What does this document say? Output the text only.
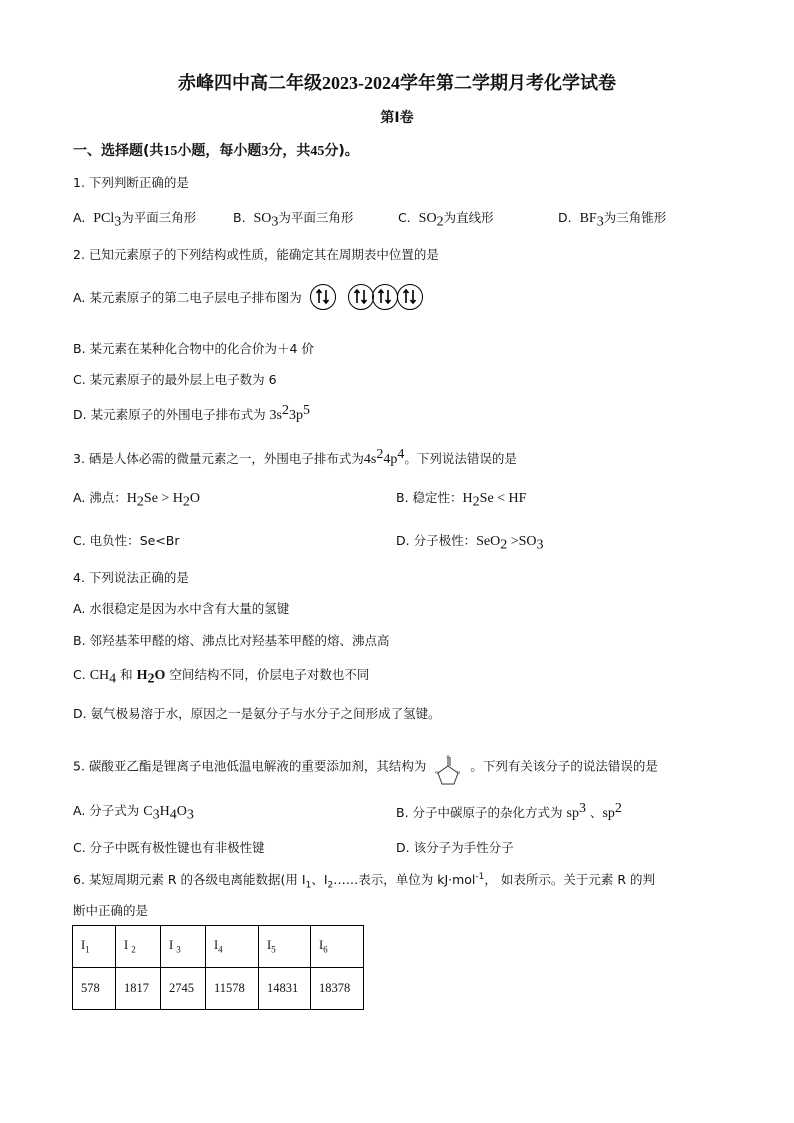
赤峰四中高二年级2023-2024学年第二学期月考化学试卷
第Ⅰ卷
一、选择题(共15小题，每小题3分，共45分)。
1. 下列判断正确的是
A. PCl$_3$为平面三角形	B. $SO_3$为平面三角形	C. $SO_2$为直线形	D. $BF_3$为三角锥形
2. 已知元素原子的下列结构或性质，能确定其在周期表中位置的是
A. 某元素原子的第二电子层电子排布图为

B. 某元素在某种化合物中的化合价为＋4 价
C. 某元素原子的最外层上电子数为 6
D. 某元素原子的外围电子排布式为 $3s^23p^5$
3. 硒是人体必需的微量元素之一，外围电子排布式为$4s^24p^4$。下列说法错误的是
A. 沸点：$H_2Se > H_2O$	B. 稳定性：$H_2Se$ < HF
C. 电负性：Se<Br	D. 分子极性：$SeO_2 >SO_3$
4. 下列说法正确的是
A. 水很稳定是因为水中含有大量的氢键
B. 邻羟基苯甲醛的熔、沸点比对羟基苯甲醛的熔、沸点高
C. $CH_4$ 和 $H_2O$ 空间结构不同，价层电子对数也不同
D. 氨气极易溶于水，原因之一是氨分子与水分子之间形成了氢键。
5. 碳酸亚乙酯是锂离子电池低温电解液的重要添加剂，其结构为
o
o	o 。下列有关该分子的说法错误的是
A. 分子式为 $C_3H_4O_3$	B. 分子中碳原子的杂化方式为 $sp^3$ 、$sp^2$
C. 分子中既有极性键也有非极性键	D. 该分子为手性分子
6. 某短周期元素 R 的各级电离能数据(用 $I_1$、$I_2\dots\dots$表示，单位为 kJ·mol$^{-1}$， 如表所示。关于元素 R 的判
断中正确的是
$I_1$	I $_2$	I $_3$	$I_4$	$I_5$	$I_6$
578	1817	2745	11578	14831	18378
